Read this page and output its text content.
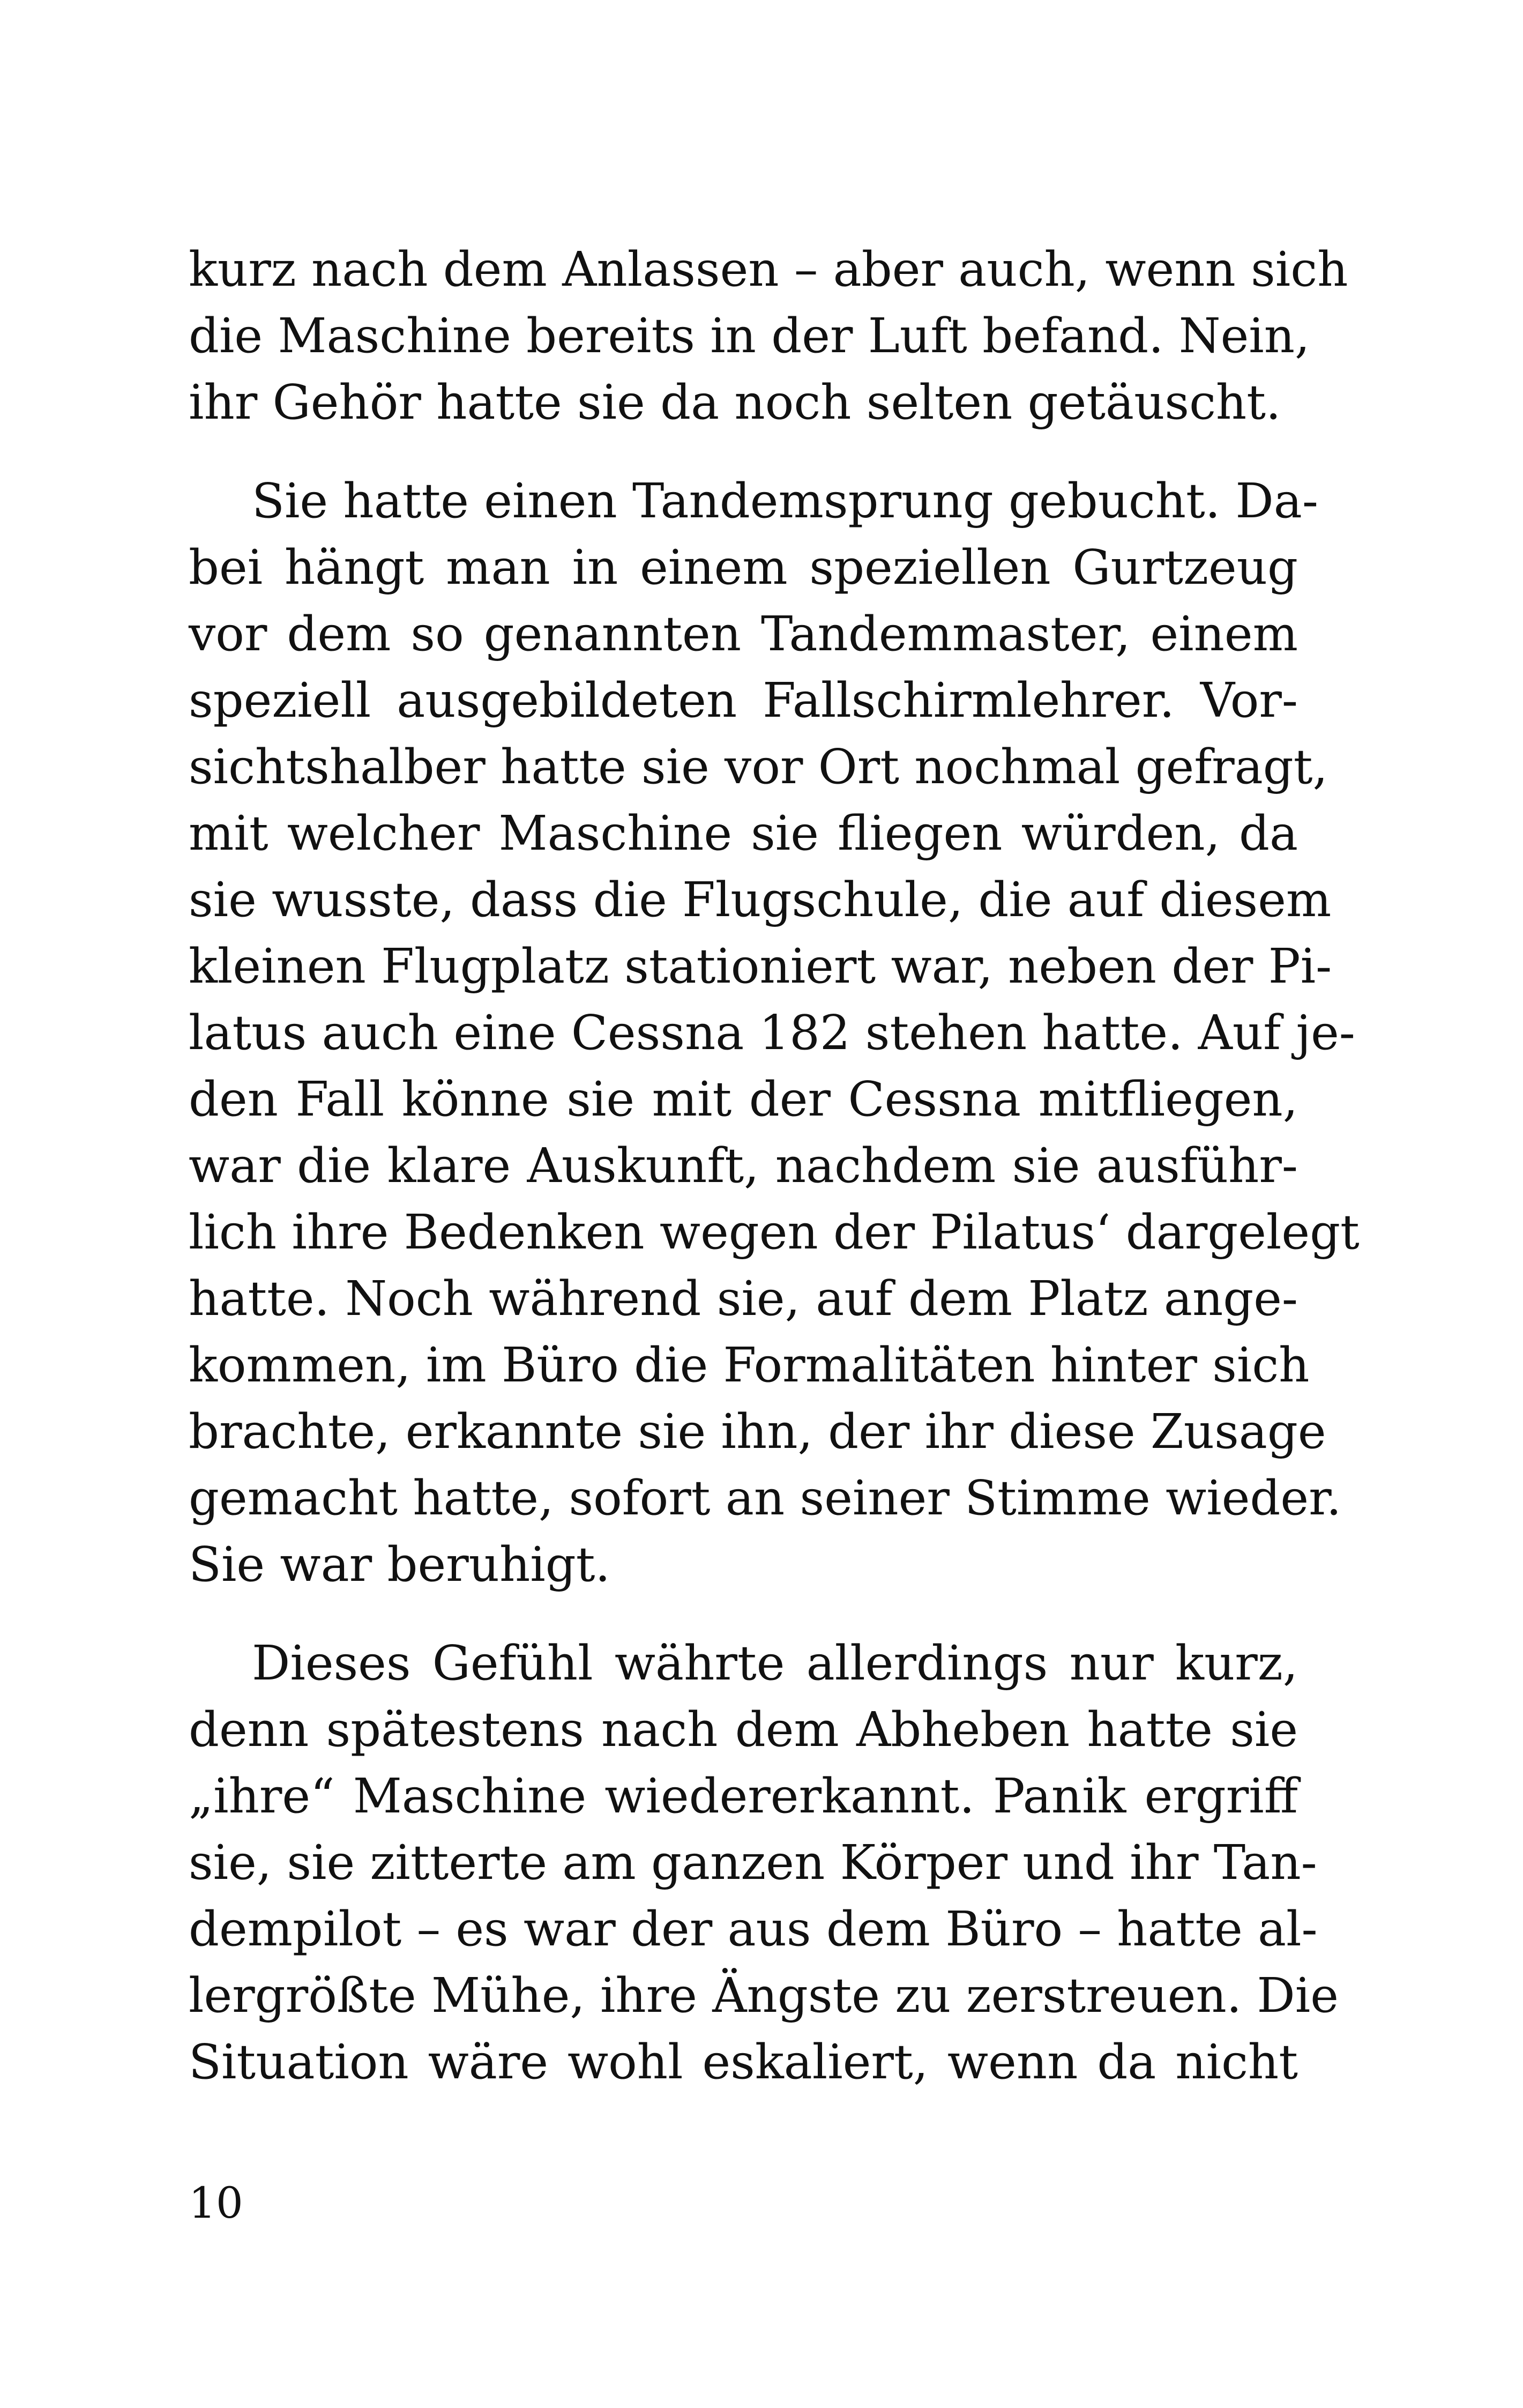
kurz nach dem Anlassen – aber auch, wenn sich
die Maschine bereits in der Luft befand. Nein,
ihr Gehör hatte sie da noch selten getäuscht.

Sie hatte einen Tandemsprung gebucht. Da-
bei hängt man in einem speziellen Gurtzeug
vor dem so genannten Tandemmaster, einem
speziell ausgebildeten Fallschirmlehrer. Vor-
sichtshalber hatte sie vor Ort nochmal gefragt,
mit welcher Maschine sie fliegen würden, da
sie wusste, dass die Flugschule, die auf diesem
kleinen Flugplatz stationiert war, neben der Pi-
latus auch eine Cessna 182 stehen hatte. Auf je-
den Fall könne sie mit der Cessna mitfliegen,
war die klare Auskunft, nachdem sie ausführ-
lich ihre Bedenken wegen der Pilatus‘ dargelegt
hatte. Noch während sie, auf dem Platz ange-
kommen, im Büro die Formalitäten hinter sich
brachte, erkannte sie ihn, der ihr diese Zusage
gemacht hatte, sofort an seiner Stimme wieder.
Sie war beruhigt.

Dieses Gefühl währte allerdings nur kurz,
denn spätestens nach dem Abheben hatte sie
„ihre“ Maschine wiedererkannt. Panik ergriff
sie, sie zitterte am ganzen Körper und ihr Tan-
dempilot – es war der aus dem Büro – hatte al-
lergrößte Mühe, ihre Ängste zu zerstreuen. Die
Situation wäre wohl eskaliert, wenn da nicht

10
